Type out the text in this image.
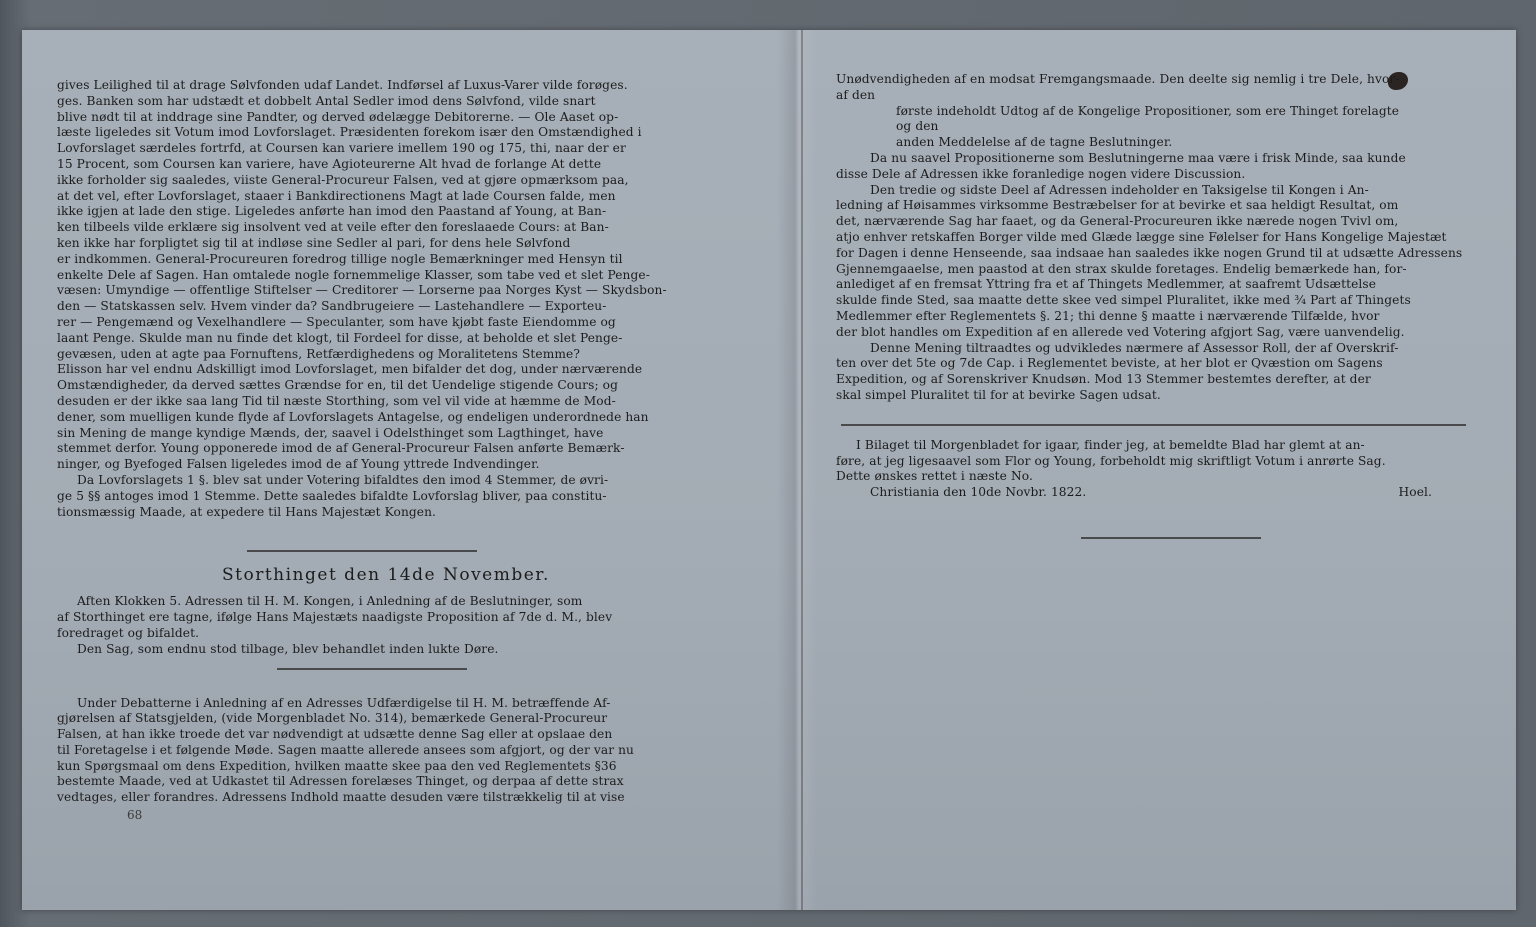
gives Leilighed til at drage Sølvfonden udaf Landet. Indførsel af Luxus-Varer vilde forøges.
ges. Banken som har udstædt et dobbelt Antal Sedler imod dens Sølvfond, vilde snart
blive nødt til at inddrage sine Pandter, og derved ødelægge Debitorerne. — Ole Aaset op-
læste ligeledes sit Votum imod Lovforslaget. Præsidenten forekom især den Omstændighed i
Lovforslaget særdeles fortrfd, at Coursen kan variere imellem 190 og 175, thi, naar der er
15 Procent, som Coursen kan variere, have Agioteurerne Alt hvad de forlange At dette
ikke forholder sig saaledes, viiste General-Procureur Falsen, ved at gjøre opmærksom paa,
at det vel, efter Lovforslaget, staaer i Bankdirectionens Magt at lade Coursen falde, men
ikke igjen at lade den stige. Ligeledes anførte han imod den Paastand af Young, at Ban-
ken tilbeels vilde erklære sig insolvent ved at veile efter den foreslaaede Cours: at Ban-
ken ikke har forpligtet sig til at indløse sine Sedler al pari, for dens hele Sølvfond
er indkommen. General-Procureuren foredrog tillige nogle Bemærkninger med Hensyn til
enkelte Dele af Sagen. Han omtalede nogle fornemmelige Klasser, som tabe ved et slet Penge-
væsen: Umyndige — offentlige Stiftelser — Creditorer — Lorserne paa Norges Kyst — Skydsbon-
den — Statskassen selv. Hvem vinder da? Sandbrugeiere — Lastehandlere — Exporteu-
rer — Pengemænd og Vexelhandlere — Speculanter, som have kjøbt faste Eiendomme og
laant Penge. Skulde man nu finde det klogt, til Fordeel for disse, at beholde et slet Penge-
gevæsen, uden at agte paa Fornuftens, Retfærdighedens og Moralitetens Stemme?
Elisson har vel endnu Adskilligt imod Lovforslaget, men bifalder det dog, under nærværende
Omstændigheder, da derved sættes Grændse for en, til det Uendelige stigende Cours; og
desuden er der ikke saa lang Tid til næste Storthing, som vel vil vide at hæmme de Mod-
dener, som muelligen kunde flyde af Lovforslagets Antagelse, og endeligen underordnede han
sin Mening de mange kyndige Mænds, der, saavel i Odelsthinget som Lagthinget, have
stemmet derfor. Young opponerede imod de af General-Procureur Falsen anførte Bemærk-
ninger, og Byefoged Falsen ligeledes imod de af Young yttrede Indvendinger.
Da Lovforslagets 1 §. blev sat under Votering bifaldtes den imod 4 Stemmer, de øvri-
ge 5 §§ antoges imod 1 Stemme. Dette saaledes bifaldte Lovforslag bliver, paa constitu-
tionsmæssig Maade, at expedere til Hans Majestæt Kongen.
Storthinget den 14de November.
Aften Klokken 5. Adressen til H. M. Kongen, i Anledning af de Beslutninger, som
af Storthinget ere tagne, ifølge Hans Majestæts naadigste Proposition af 7de d. M., blev
foredraget og bifaldet.
Den Sag, som endnu stod tilbage, blev behandlet inden lukte Døre.
Under Debatterne i Anledning af en Adresses Udfærdigelse til H. M. betræffende Af-
gjørelsen af Statsgjelden, (vide Morgenbladet No. 314), bemærkede General-Procureur
Falsen, at han ikke troede det var nødvendigt at udsætte denne Sag eller at opslaae den
til Foretagelse i et følgende Møde. Sagen maatte allerede ansees som afgjort, og der var nu
kun Spørgsmaal om dens Expedition, hvilken maatte skee paa den ved Reglementets §36
bestemte Maade, ved at Udkastet til Adressen forelæses Thinget, og derpaa af dette strax
vedtages, eller forandres. Adressens Indhold maatte desuden være tilstrækkelig til at vise
68
Unødvendigheden af en modsat Fremgangsmaade. Den deelte sig nemlig i tre Dele, hvor-
af den
første indeholdt Udtog af de Kongelige Propositioner, som ere Thinget forelagte
og den
anden Meddelelse af de tagne Beslutninger.
Da nu saavel Propositionerne som Beslutningerne maa være i frisk Minde, saa kunde
disse Dele af Adressen ikke foranledige nogen videre Discussion.
Den tredie og sidste Deel af Adressen indeholder en Taksigelse til Kongen i An-
ledning af Høisammes virksomme Bestræbelser for at bevirke et saa heldigt Resultat, om
det, nærværende Sag har faaet, og da General-Procureuren ikke nærede nogen Tvivl om,
atjo enhver retskaffen Borger vilde med Glæde lægge sine Følelser for Hans Kongelige Majestæt
for Dagen i denne Henseende, saa indsaae han saaledes ikke nogen Grund til at udsætte Adressens
Gjennemgaaelse, men paastod at den strax skulde foretages. Endelig bemærkede han, for-
anlediget af en fremsat Yttring fra et af Thingets Medlemmer, at saafremt Udsættelse
skulde finde Sted, saa maatte dette skee ved simpel Pluralitet, ikke med ¾ Part af Thingets
Medlemmer efter Reglementets §. 21; thi denne § maatte i nærværende Tilfælde, hvor
der blot handles om Expedition af en allerede ved Votering afgjort Sag, være uanvendelig.
Denne Mening tiltraadtes og udvikledes nærmere af Assessor Roll, der af Overskrif-
ten over det 5te og 7de Cap. i Reglementet beviste, at her blot er Qvæstion om Sagens
Expedition, og af Sorenskriver Knudsøn. Mod 13 Stemmer bestemtes derefter, at der
skal simpel Pluralitet til for at bevirke Sagen udsat.
I Bilaget til Morgenbladet for igaar, finder jeg, at bemeldte Blad har glemt at an-
føre, at jeg ligesaavel som Flor og Young, forbeholdt mig skriftligt Votum i anrørte Sag.
Dette ønskes rettet i næste No.
Christiania den 10de Novbr. 1822.	Hoel.
